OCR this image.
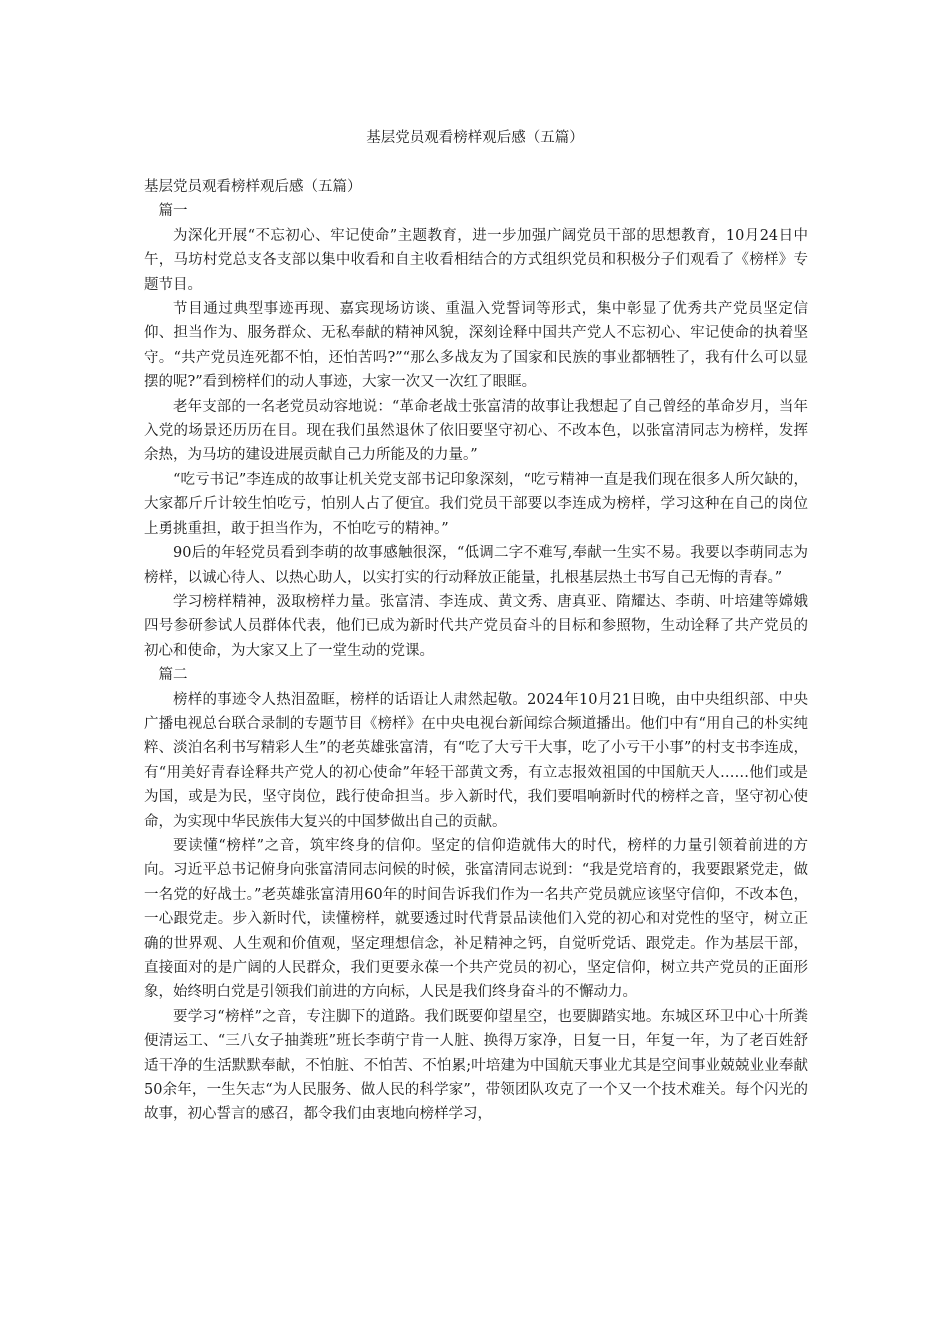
基层党员观看榜样观后感（五篇）

基层党员观看榜样观后感（五篇）

篇一

为深化开展“不忘初心、牢记使命”主题教育，进一步加强广阔党员干部的思想教育，10月24日中午，马坊村党总支各支部以集中收看和自主收看相结合的方式组织党员和积极分子们观看了《榜样》专题节目。

节目通过典型事迹再现、嘉宾现场访谈、重温入党誓词等形式，集中彰显了优秀共产党员坚定信仰、担当作为、服务群众、无私奉献的精神风貌，深刻诠释中国共产党人不忘初心、牢记使命的执着坚守。“共产党员连死都不怕，还怕苦吗?”“那么多战友为了国家和民族的事业都牺牲了，我有什么可以显摆的呢?”看到榜样们的动人事迹，大家一次又一次红了眼眶。

老年支部的一名老党员动容地说：“革命老战士张富清的故事让我想起了自己曾经的革命岁月，当年入党的场景还历历在目。现在我们虽然退休了依旧要坚守初心、不改本色，以张富清同志为榜样，发挥余热，为马坊的建设进展贡献自己力所能及的力量。”

“吃亏书记”李连成的故事让机关党支部书记印象深刻，“吃亏精神一直是我们现在很多人所欠缺的，大家都斤斤计较生怕吃亏，怕别人占了便宜。我们党员干部要以李连成为榜样，学习这种在自己的岗位上勇挑重担，敢于担当作为，不怕吃亏的精神。”

90后的年轻党员看到李萌的故事感触很深，“低调二字不难写,奉献一生实不易。我要以李萌同志为榜样，以诚心待人、以热心助人，以实打实的行动释放正能量，扎根基层热土书写自己无悔的青春。”

学习榜样精神，汲取榜样力量。张富清、李连成、黄文秀、唐真亚、隋耀达、李萌、叶培建等嫦娥四号参研参试人员群体代表，他们已成为新时代共产党员奋斗的目标和参照物，生动诠释了共产党员的初心和使命，为大家又上了一堂生动的党课。

篇二

榜样的事迹令人热泪盈眶，榜样的话语让人肃然起敬。2024年10月21日晚，由中央组织部、中央广播电视总台联合录制的专题节目《榜样》在中央电视台新闻综合频道播出。他们中有“用自己的朴实纯粹、淡泊名利书写精彩人生”的老英雄张富清，有“吃了大亏干大事，吃了小亏干小事”的村支书李连成，有“用美好青春诠释共产党人的初心使命”年轻干部黄文秀，有立志报效祖国的中国航天人……他们或是为国，或是为民，坚守岗位，践行使命担当。步入新时代，我们要唱响新时代的榜样之音，坚守初心使命，为实现中华民族伟大复兴的中国梦做出自己的贡献。

要读懂“榜样”之音，筑牢终身的信仰。坚定的信仰造就伟大的时代，榜样的力量引领着前进的方向。习近平总书记俯身向张富清同志问候的时候，张富清同志说到：“我是党培育的，我要跟紧党走，做一名党的好战士。”老英雄张富清用60年的时间告诉我们作为一名共产党员就应该坚守信仰，不改本色，一心跟党走。步入新时代，读懂榜样，就要透过时代背景品读他们入党的初心和对党性的坚守，树立正确的世界观、人生观和价值观，坚定理想信念，补足精神之钙，自觉听党话、跟党走。作为基层干部，直接面对的是广阔的人民群众，我们更要永葆一个共产党员的初心，坚定信仰，树立共产党员的正面形象，始终明白党是引领我们前进的方向标，人民是我们终身奋斗的不懈动力。

要学习“榜样”之音，专注脚下的道路。我们既要仰望星空，也要脚踏实地。东城区环卫中心十所粪便清运工、“三八女子抽粪班”班长李萌宁肯一人脏、换得万家净，日复一日，年复一年，为了老百姓舒适干净的生活默默奉献，不怕脏、不怕苦、不怕累;叶培建为中国航天事业尤其是空间事业兢兢业业奉献50余年，一生矢志“为人民服务、做人民的科学家”，带领团队攻克了一个又一个技术难关。每个闪光的故事，初心誓言的感召，都令我们由衷地向榜样学习，
